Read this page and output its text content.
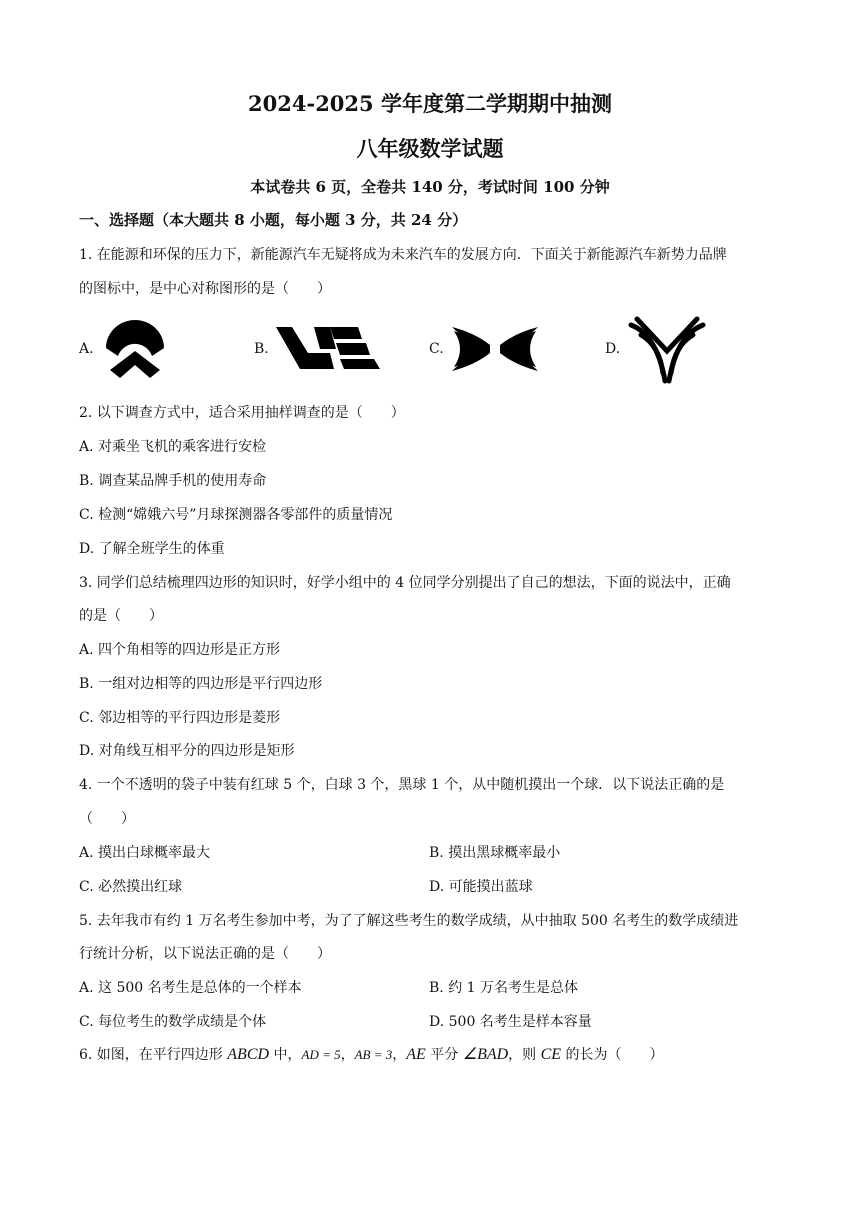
2024-2025 学年度第二学期期中抽测
八年级数学试题
本试卷共 6 页，全卷共 140 分，考试时间 100 分钟
一、选择题（本大题共 8 小题，每小题 3 分，共 24 分）
1. 在能源和环保的压力下，新能源汽车无疑将成为未来汽车的发展方向．下面关于新能源汽车新势力品牌
的图标中，是中心对称图形的是（　　）
A.	B.	C.	D.
2. 以下调查方式中，适合采用抽样调查的是（　　）
A. 对乘坐飞机的乘客进行安检
B. 调查某品牌手机的使用寿命
C. 检测“嫦娥六号”月球探测器各零部件的质量情况
D. 了解全班学生的体重
3. 同学们总结梳理四边形的知识时，好学小组中的 4 位同学分别提出了自己的想法，下面的说法中，正确
的是（　　）
A. 四个角相等的四边形是正方形
B. 一组对边相等的四边形是平行四边形
C. 邻边相等的平行四边形是菱形
D. 对角线互相平分的四边形是矩形
4. 一个不透明的袋子中装有红球 5 个，白球 3 个，黑球 1 个，从中随机摸出一个球．以下说法正确的是
（　　）
A. 摸出白球概率最大	B. 摸出黑球概率最小
C. 必然摸出红球	D. 可能摸出蓝球
5. 去年我市有约 1 万名考生参加中考，为了了解这些考生的数学成绩，从中抽取 500 名考生的数学成绩进
行统计分析，以下说法正确的是（　　）
A. 这 500 名考生是总体的一个样本	B. 约 1 万名考生是总体
C. 每位考生的数学成绩是个体	D. 500 名考生是样本容量
6. 如图，在平行四边形 ABCD 中，AD = 5，AB = 3，AE 平分 ∠BAD，则 CE 的长为（　　）
